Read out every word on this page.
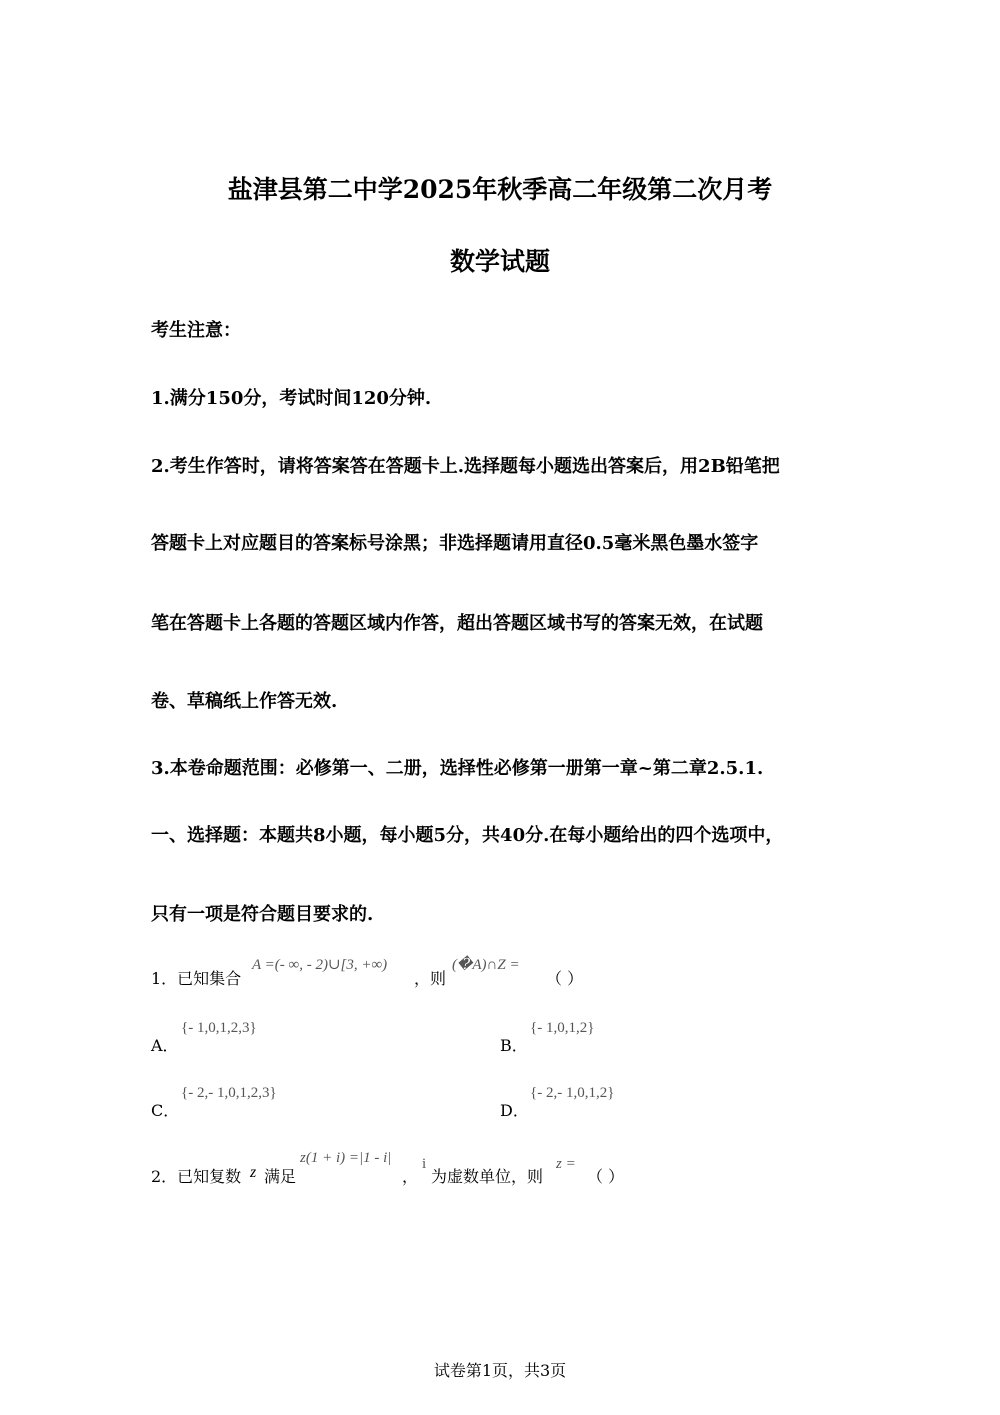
盐津县第二中学2025年秋季高二年级第二次月考
数学试题
考生注意：
1.满分150分，考试时间120分钟.
2.考生作答时，请将答案答在答题卡上.选择题每小题选出答案后，用2B铅笔把
答题卡上对应题目的答案标号涂黑；非选择题请用直径0.5毫米黑色墨水签字
笔在答题卡上各题的答题区域内作答，超出答题区域书写的答案无效，在试题
卷、草稿纸上作答无效.
3.本卷命题范围：必修第一、二册，选择性必修第一册第一章~第二章2.5.1.
一、选择题：本题共8小题，每小题5分，共40分.在每小题给出的四个选项中，
只有一项是符合题目要求的.
1．已知集合
A =(- ∞, - 2)∪[3, +∞)
，则
(�A)∩Z =
（ ）
A．
{- 1,0,1,2,3}
B．
{- 1,0,1,2}
C．
{- 2,- 1,0,1,2,3}
D．
{- 2,- 1,0,1,2}
2．已知复数 z 满足
z(1 + i) =|1 - i|
，
i
为虚数单位，则
z =
（ ）
试卷第1页，共3页
